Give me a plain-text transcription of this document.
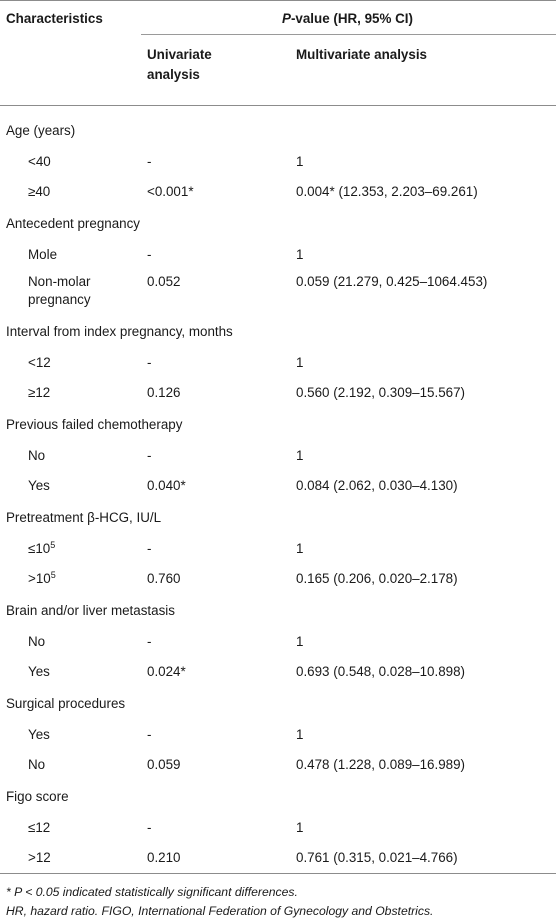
Characteristics	P-value (HR, 95% CI)	

	Univariate
analysis	Multivariate analysis
Age (years)		
<40	-	1
≥40	<0.001*	0.004* (12.353, 2.203–69.261)
Antecedent pregnancy		
Mole	-	1

Non-molar
pregnancy	0.052	0.059 (21.279, 0.425–1064.453)
Interval from index pregnancy, months		
<12	-	1
≥12	0.126	0.560 (2.192, 0.309–15.567)
Previous failed chemotherapy		
No	-	1
Yes	0.040*	0.084 (2.062, 0.030–4.130)
Pretreatment β-HCG, IU/L		
$\le 10^5$	-	1
$>10^5$	0.760	0.165 (0.206, 0.020–2.178)
Brain and/or liver metastasis		
No	-	1
Yes	0.024*	0.693 (0.548, 0.028–10.898)
Surgical procedures		
Yes	-	1
No	0.059	0.478 (1.228, 0.089–16.989)
Figo score		
≤12	-	1
>12	0.210	0.761 (0.315, 0.021–4.766)
* P < 0.05 indicated statistically significant differences.
HR, hazard ratio. FIGO, International Federation of Gynecology and Obstetrics.
